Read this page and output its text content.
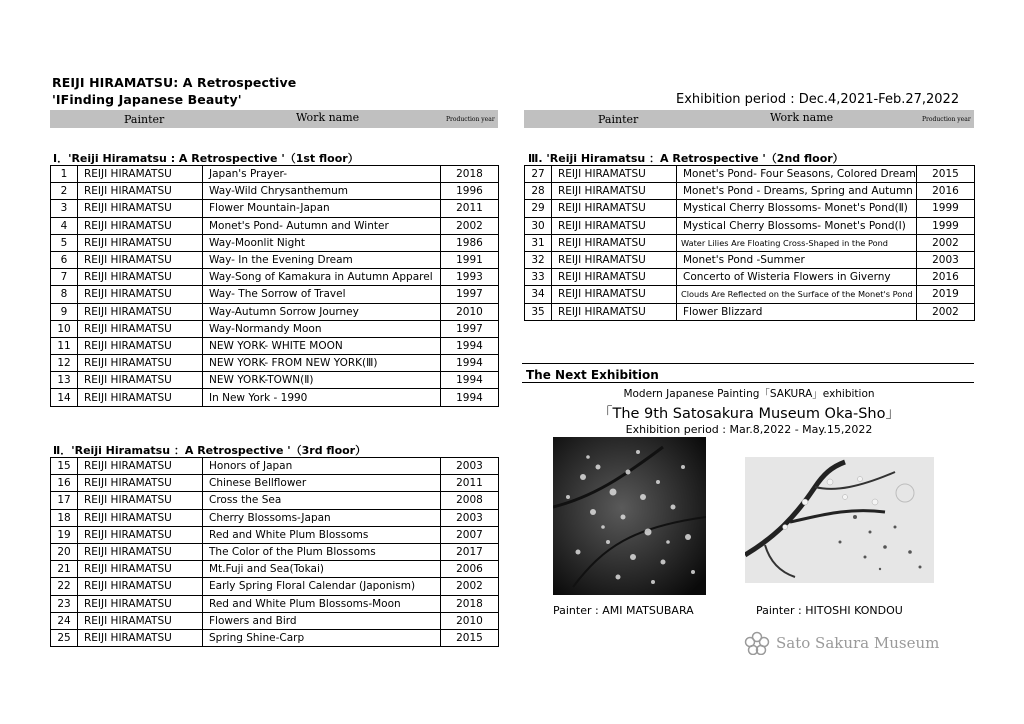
REIJI HIRAMATSU: A Retrospective
'IFinding Japanese Beauty'	Exhibition period : Dec.4,2021-Feb.27,2022
Painter	Work name	Production year	Painter	Work name	Production year
Ⅰ．'Reiji Hiramatsu : A Retrospective '（1st floor）
1	REIJI HIRAMATSU	Japan's Prayer-	2018
2	REIJI HIRAMATSU	Way-Wild Chrysanthemum	1996
3	REIJI HIRAMATSU	Flower Mountain-Japan	2011
4	REIJI HIRAMATSU	Monet's Pond- Autumn and Winter	2002
5	REIJI HIRAMATSU	Way-Moonlit Night	1986
6	REIJI HIRAMATSU	Way- In the Evening Dream	1991
7	REIJI HIRAMATSU	Way-Song of Kamakura in Autumn Apparel	1993
8	REIJI HIRAMATSU	Way- The Sorrow of Travel	1997
9	REIJI HIRAMATSU	Way-Autumn Sorrow Journey	2010
10	REIJI HIRAMATSU	Way-Normandy Moon	1997
11	REIJI HIRAMATSU	NEW YORK- WHITE MOON	1994
12	REIJI HIRAMATSU	NEW YORK- FROM NEW YORK(Ⅲ)	1994
13	REIJI HIRAMATSU	NEW YORK-TOWN(Ⅱ)	1994
14	REIJI HIRAMATSU	In New York - 1990	1994
Ⅱ．'Reiji Hiramatsu ：A Retrospective '（3rd floor）
15	REIJI HIRAMATSU	Honors of Japan	2003
16	REIJI HIRAMATSU	Chinese Bellflower	2011
17	REIJI HIRAMATSU	Cross the Sea	2008
18	REIJI HIRAMATSU	Cherry Blossoms-Japan	2003
19	REIJI HIRAMATSU	Red and White Plum Blossoms	2007
20	REIJI HIRAMATSU	The Color of the Plum Blossoms	2017
21	REIJI HIRAMATSU	Mt.Fuji and Sea(Tokai)	2006
22	REIJI HIRAMATSU	Early Spring Floral Calendar (Japonism)	2002
23	REIJI HIRAMATSU	Red and White Plum Blossoms-Moon	2018
24	REIJI HIRAMATSU	Flowers and Bird	2010
25	REIJI HIRAMATSU	Spring Shine-Carp	2015
Ⅲ. 'Reiji Hiramatsu ：A Retrospective '（2nd floor）
27	REIJI HIRAMATSU	Monet's Pond- Four Seasons, Colored Dream	2015
28	REIJI HIRAMATSU	Monet's Pond - Dreams, Spring and Autumn	2016
29	REIJI HIRAMATSU	Mystical Cherry Blossoms- Monet's Pond(Ⅱ)	1999
30	REIJI HIRAMATSU	Mystical Cherry Blossoms- Monet's Pond(Ⅰ)	1999
31	REIJI HIRAMATSU	Water Lilies Are Floating Cross-Shaped in the Pond	2002
32	REIJI HIRAMATSU	Monet's Pond -Summer	2003
33	REIJI HIRAMATSU	Concerto of Wisteria Flowers in Giverny	2016
34	REIJI HIRAMATSU	Clouds Are Reflected on the Surface of the Monet's Pond	2019
35	REIJI HIRAMATSU	Flower Blizzard	2002
The Next Exhibition
Modern Japanese Painting「SAKURA」exhibition
「The 9th Satosakura Museum Oka-Sho」
Exhibition period : Mar.8,2022 - May.15,2022
Painter : AMI MATSUBARA	Painter : HITOSHI KONDOU
Sato Sakura Museum
